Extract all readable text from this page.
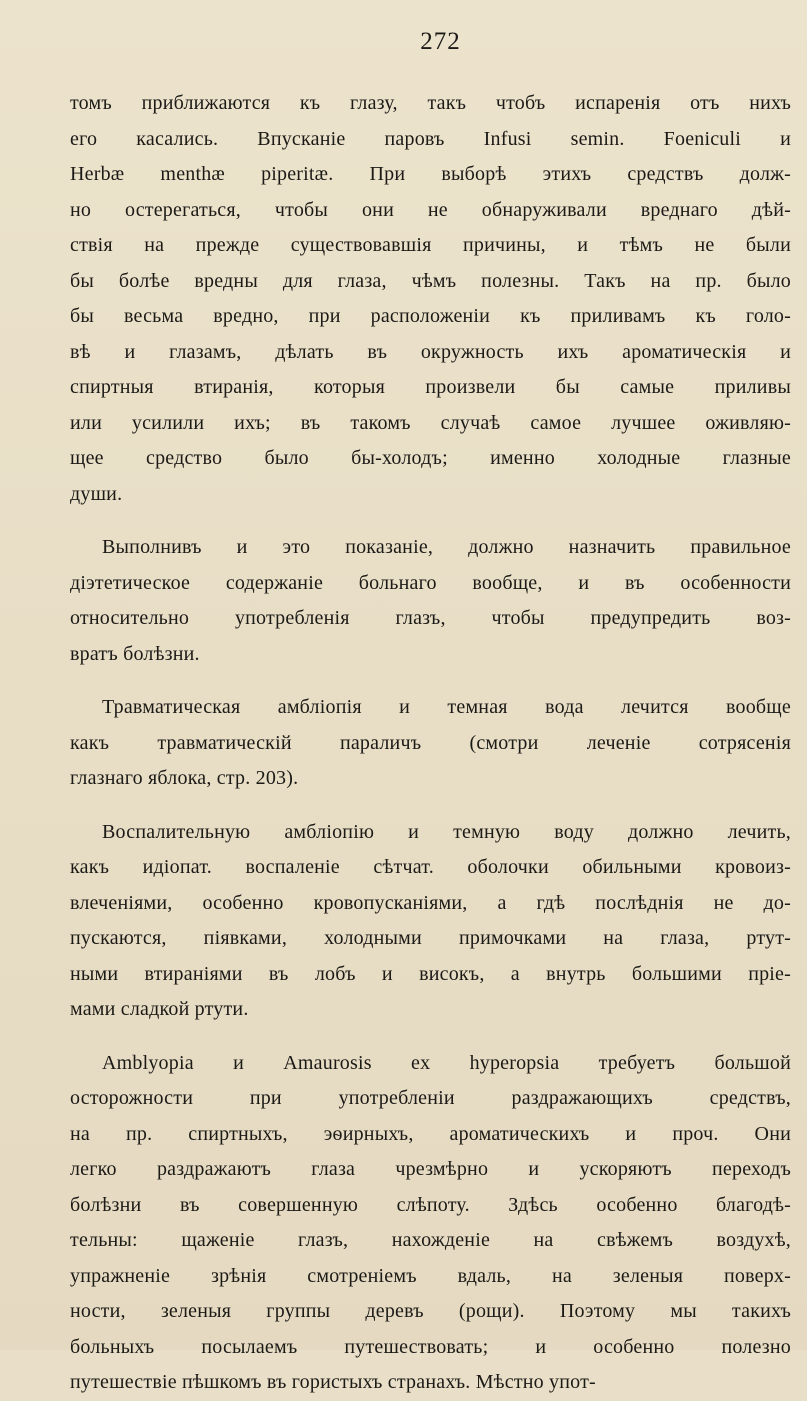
272
томъ приближаются къ глазу, такъ чтобъ испаренія отъ нихъ
его касались. Впусканіе паровъ Infusi semin. Foeniculi и
Herbæ menthæ piperitæ. При выборѣ этихъ средствъ долж-
но остерегаться, чтобы они не обнаруживали вреднаго дѣй-
ствія на прежде существовавшія причины, и тѣмъ не были
бы болѣе вредны для глаза, чѣмъ полезны. Такъ на пр. было
бы весьма вредно, при расположеніи къ приливамъ къ голо-
вѣ и глазамъ, дѣлать въ окружность ихъ ароматическія и
спиртныя втиранія, которыя произвели бы самые приливы
или усилили ихъ; въ такомъ случаѣ самое лучшее оживляю-
щее средство было бы-холодъ; именно холодные глазные
души.
Выполнивъ и это показаніе, должно назначить правильное
діэтетическое содержаніе больнаго вообще, и въ особенности
относительно употребленія глазъ, чтобы предупредить воз-
вратъ болѣзни.
Травматическая амбліопія и темная вода лечится вообще
какъ травматическій параличъ (смотри леченіе сотрясенія
глазнаго яблока, стр. 203).
Воспалительную амбліопію и темную воду должно лечить,
какъ идіопат. воспаленіе сѣтчат. оболочки обильными кровоиз-
влеченіями, особенно кровопусканіями, а гдѣ послѣднія не до-
пускаются, піявками, холодными примочками на глаза, ртут-
ными втираніями въ лобъ и високъ, а внутрь большими пріе-
мами сладкой ртути.
Amblyopia и Amaurosis ex hyperopsia требуетъ большой
осторожности при употребленіи раздражающихъ средствъ,
на пр. спиртныхъ, эѳирныхъ, ароматическихъ и проч. Они
легко раздражаютъ глаза чрезмѣрно и ускоряютъ переходъ
болѣзни въ совершенную слѣпоту. Здѣсь особенно благодѣ-
тельны: щаженіе глазъ, нахожденіе на свѣжемъ воздухѣ,
упражненіе зрѣнія смотреніемъ вдаль, на зеленыя поверх-
ности, зеленыя группы деревъ (рощи). Поэтому мы такихъ
больныхъ посылаемъ путешествовать; и особенно полезно
путешествіе пѣшкомъ въ гористыхъ странахъ. Мѣстно упот-
